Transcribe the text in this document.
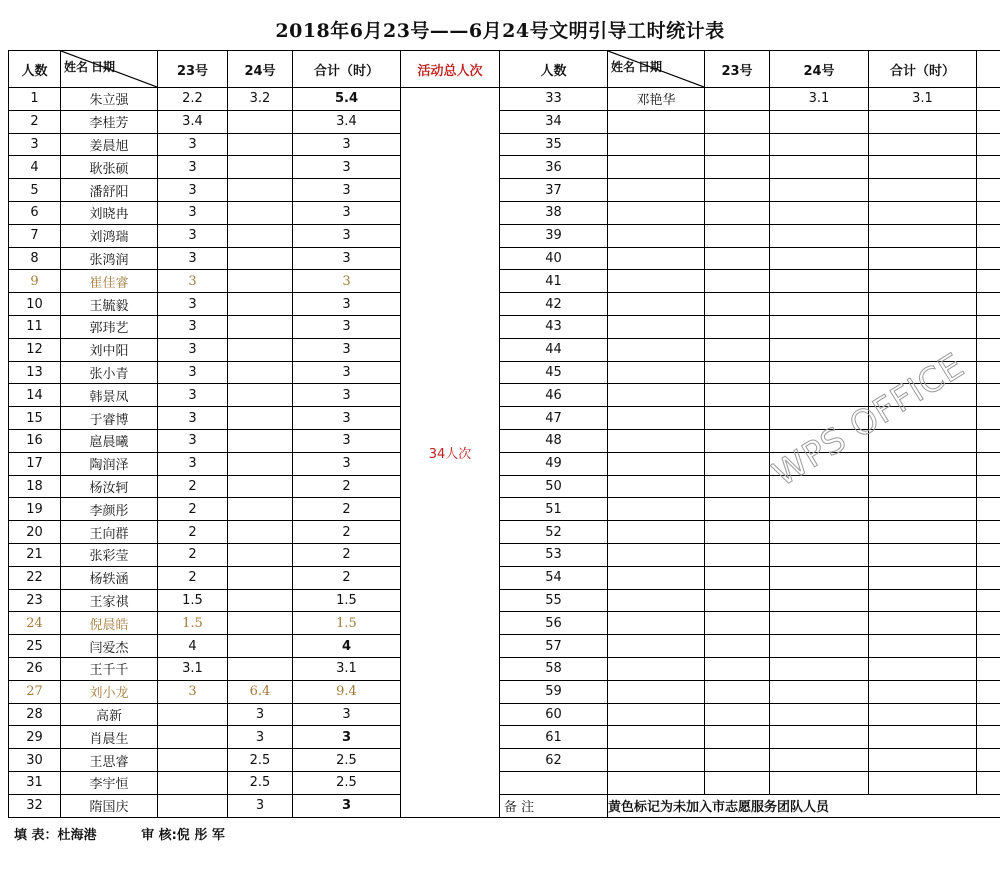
2018年6月23号——6月24号文明引导工时统计表
人数	姓名 日期	23号	24号	合计（时）	活动总人次	人数	姓名 日期	23号	24号	合计（时）	
1	朱立强	2.2	3.2	5.4	34人次	33	邓艳华		3.1	3.1	
2	李桂芳	3.4		3.4		34					
3	姜晨旭	3		3		35					
4	耿张硕	3		3		36					
5	潘舒阳	3		3		37					
6	刘晓冉	3		3		38					
7	刘鸿瑞	3		3		39					
8	张鸿润	3		3		40					
9	崔佳睿	3		3		41					
10	王毓毅	3		3		42					
11	郭玮艺	3		3		43					
12	刘中阳	3		3		44					
13	张小青	3		3		45					
14	韩景凤	3		3		46					
15	于睿博	3		3		47					
16	扈晨曦	3		3		48					
17	陶润泽	3		3		49					
18	杨汝轲	2		2		50					
19	李颜彤	2		2		51					
20	王向群	2		2		52					
21	张彩莹	2		2		53					
22	杨轶涵	2		2		54					
23	王家祺	1.5		1.5		55					
24	倪晨皓	1.5		1.5		56					
25	闫爱杰	4		4		57					
26	王千千	3.1		3.1		58					
27	刘小龙	3	6.4	9.4		59					
28	高新		3	3		60					
29	肖晨生		3	3		61					
30	王思睿		2.5	2.5		62					
31	李宇恒		2.5	2.5							
32	隋国庆		3	3		备 注	黄色标记为未加入市志愿服务团队人员				
填 表：杜海港	审 核:倪 彤 军
WPS OFFICE
